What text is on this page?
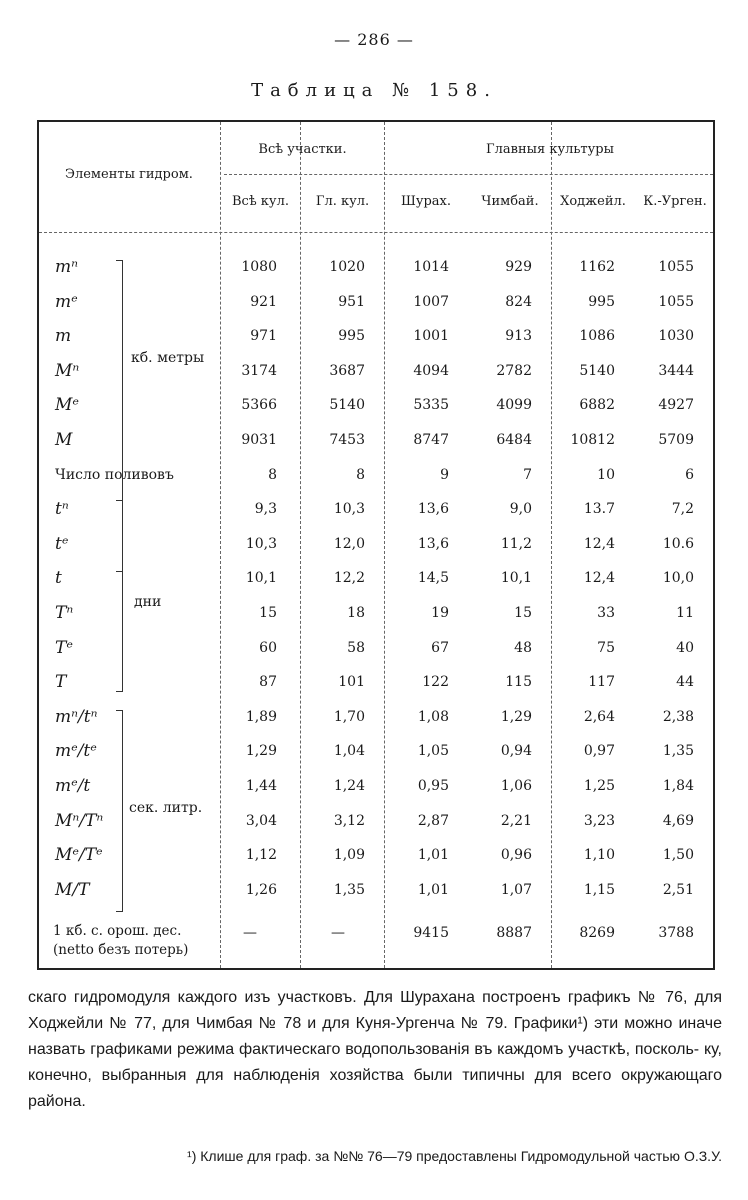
— 286 —
Таблица № 158.
Элементы гидром.
Всѣ участки.	Главныя культуры
Всѣ кул.	Гл. кул.	Шурах.	Чимбай.	Ходжейл.	К.-Урген.
кб. метры
дни
сек. литр.
mⁿ	1080	1020	1014	929	1162	1055
mᵉ	921	951	1007	824	995	1055
m	971	995	1001	913	1086	1030
Mⁿ	3174	3687	4094	2782	5140	3444
Mᵉ	5366	5140	5335	4099	6882	4927
M	9031	7453	8747	6484	10812	5709
Число поливовъ	8	8	9	7	10	6
tⁿ	9,3	10,3	13,6	9,0	13.7	7,2
tᵉ	10,3	12,0	13,6	11,2	12,4	10.6
t	10,1	12,2	14,5	10,1	12,4	10,0
Tⁿ	15	18	19	15	33	11
Tᵉ	60	58	67	48	75	40
T	87	101	122	115	117	44
mⁿ/tⁿ	1,89	1,70	1,08	1,29	2,64	2,38
mᵉ/tᵉ	1,29	1,04	1,05	0,94	0,97	1,35
mᵉ/t	1,44	1,24	0,95	1,06	1,25	1,84
Mⁿ/Tⁿ	3,04	3,12	2,87	2,21	3,23	4,69
Mᵉ/Tᵉ	1,12	1,09	1,01	0,96	1,10	1,50
M/T	1,26	1,35	1,01	1,07	1,15	2,51
1 кб. с. орош. дес.
(netto безъ потерь)
—	—	9415	8887	8269	3788

скаго гидромодуля каждого изъ участковъ. Для Шурахана построенъ графикъ № 76, для Ходжейли № 77, для Чимбая № 78 и для Куня-Ургенча № 79. Графики¹) эти можно иначе назвать графиками режима фактическаго водопользованія въ каждомъ участкѣ, посколь- ку, конечно, выбранныя для наблюденія хозяйства были типичны для всего окружающаго района.

¹) Клише для граф. за №№ 76—79 предоставлены Гидромодульной частью О.З.У.
